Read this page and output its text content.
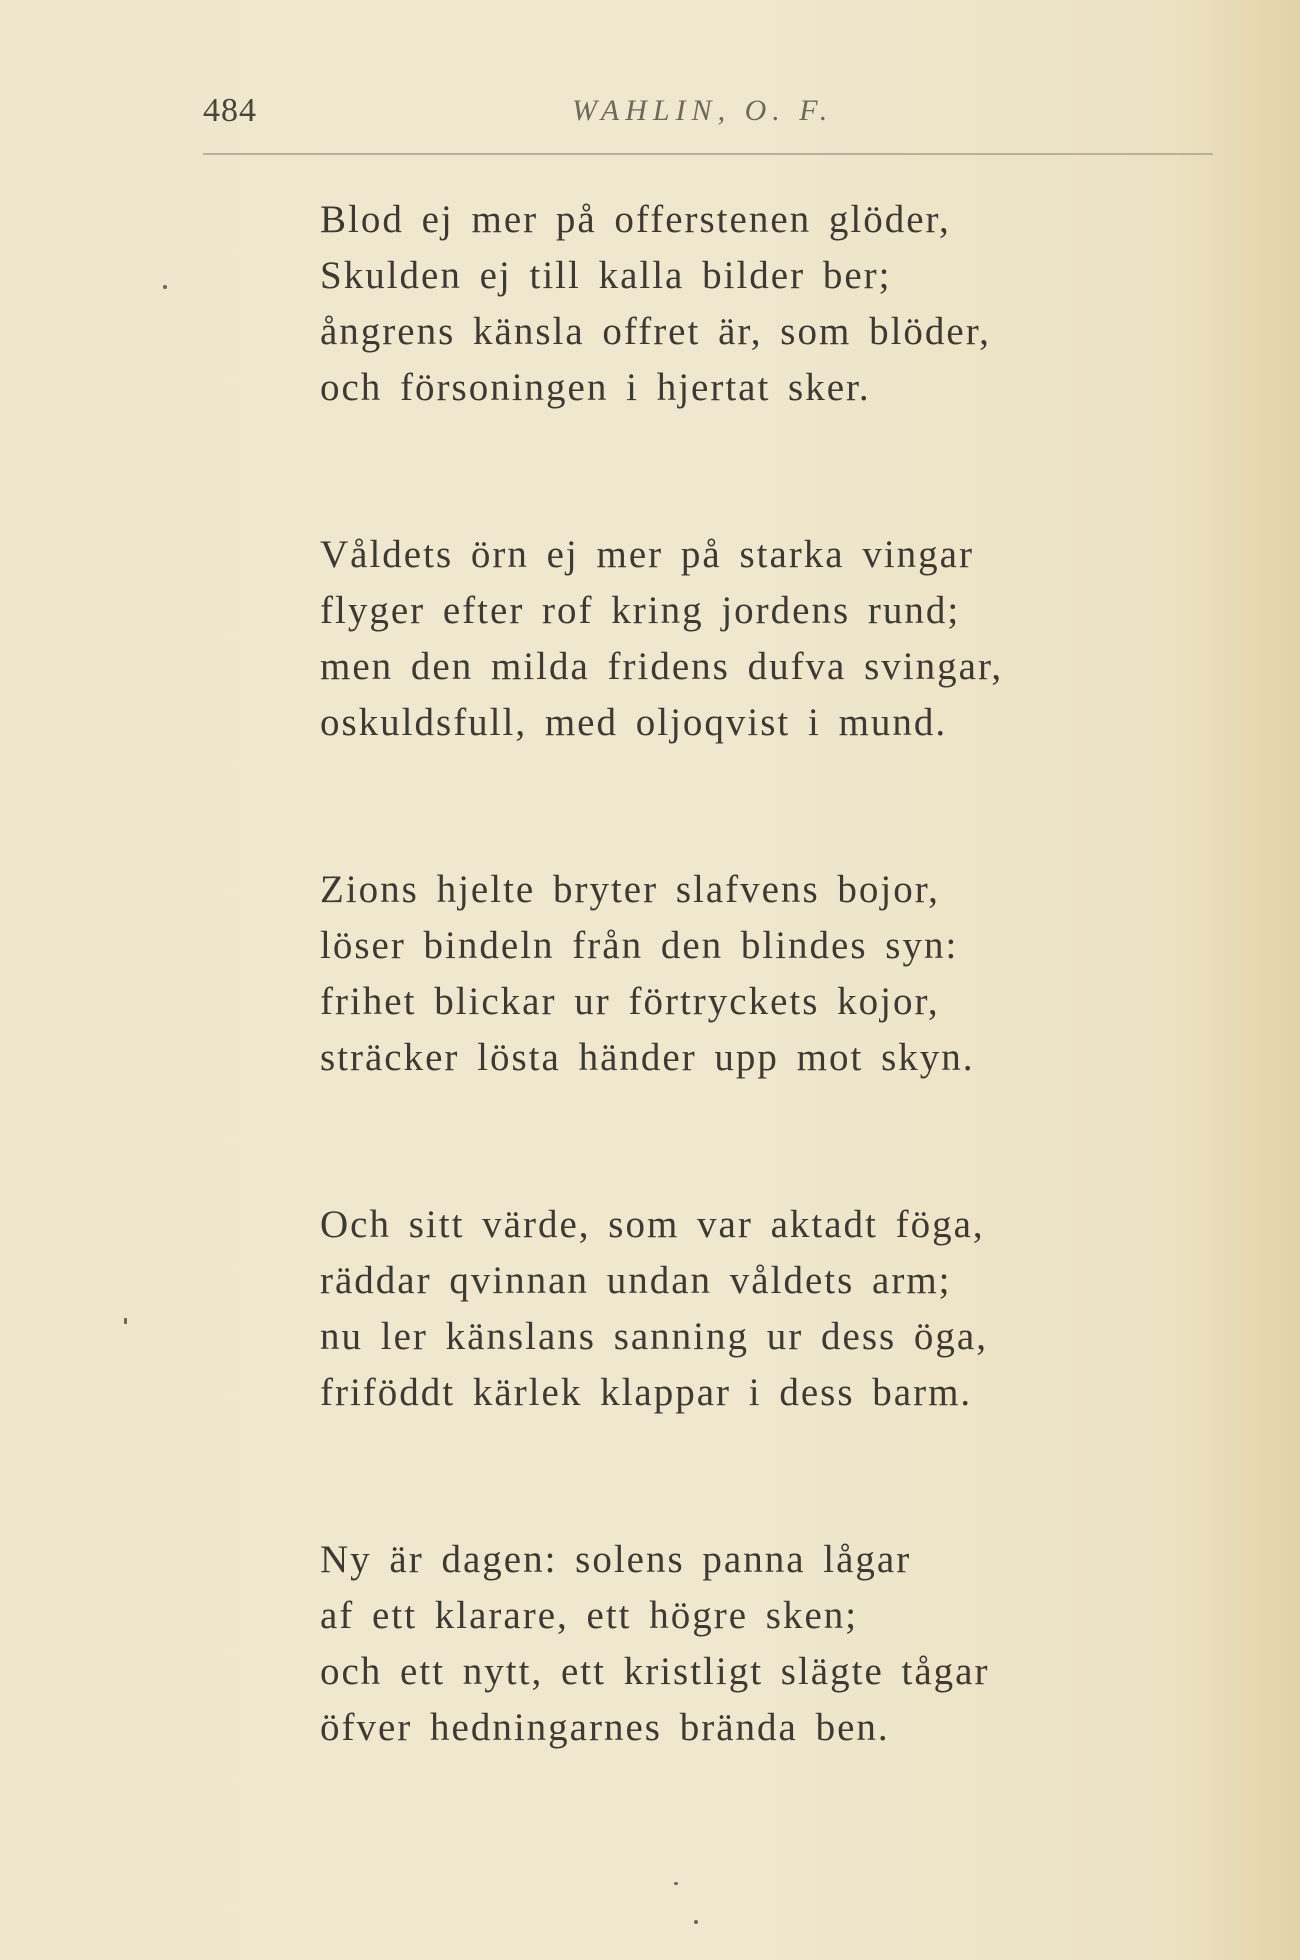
484	WAHLIN, O. F.
Blod ej mer på offerstenen glöder,
Skulden ej till kalla bilder ber;
ångrens känsla offret är, som blöder,
och försoningen i hjertat sker.
Våldets örn ej mer på starka vingar
flyger efter rof kring jordens rund;
men den milda fridens dufva svingar,
oskuldsfull, med oljoqvist i mund.
Zions hjelte bryter slafvens bojor,
löser bindeln från den blindes syn:
frihet blickar ur förtryckets kojor,
sträcker lösta händer upp mot skyn.
Och sitt värde, som var aktadt föga,
räddar qvinnan undan våldets arm;
nu ler känslans sanning ur dess öga,
friföddt kärlek klappar i dess barm.
Ny är dagen: solens panna lågar
af ett klarare, ett högre sken;
och ett nytt, ett kristligt slägte tågar
öfver hedningarnes brända ben.
